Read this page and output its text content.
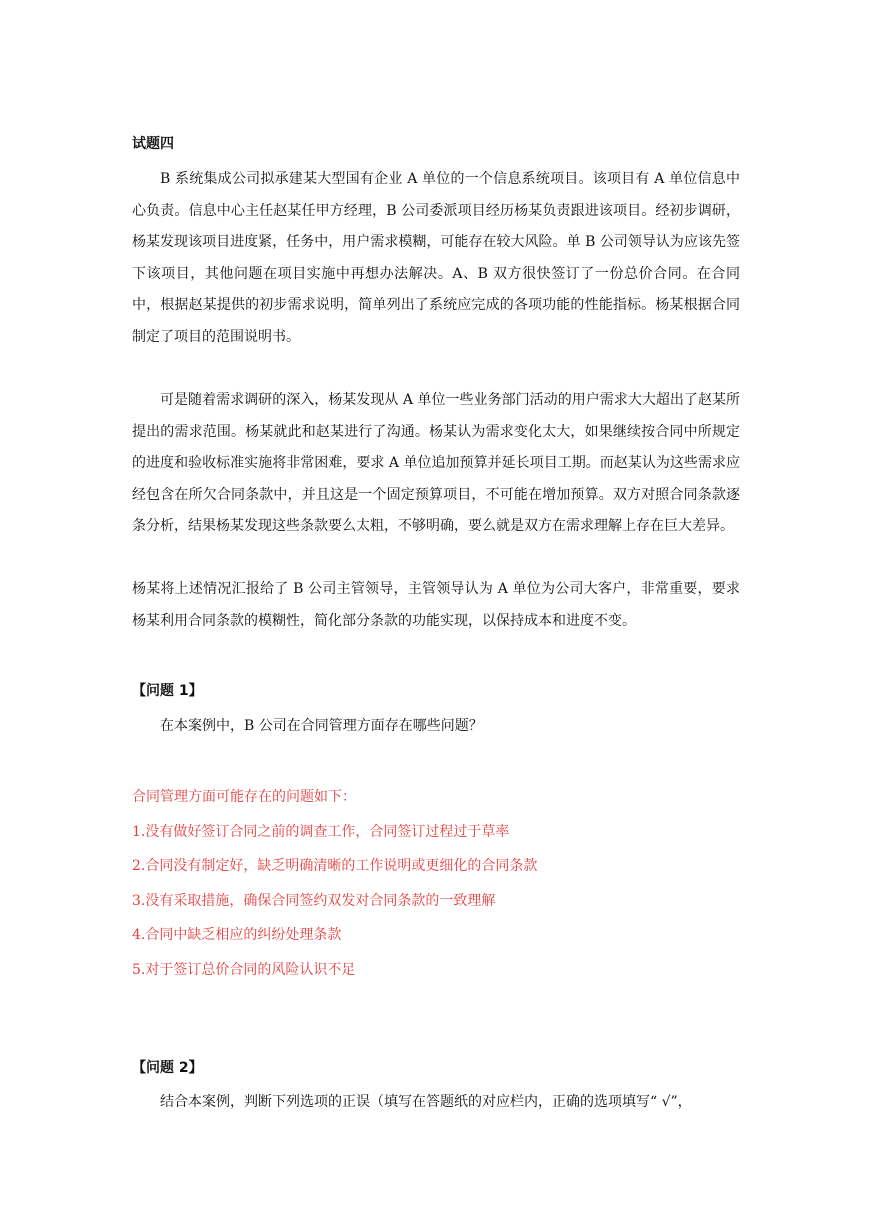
试题四
B 系统集成公司拟承建某大型国有企业 A 单位的一个信息系统项目。该项目有 A 单位信息中心负责。信息中心主任赵某任甲方经理，B 公司委派项目经历杨某负责跟进该项目。经初步调研，杨某发现该项目进度紧，任务中，用户需求模糊，可能存在较大风险。单 B 公司领导认为应该先签下该项目，其他问题在项目实施中再想办法解决。A、B 双方很快签订了一份总价合同。在合同中，根据赵某提供的初步需求说明，简单列出了系统应完成的各项功能的性能指标。杨某根据合同制定了项目的范围说明书。
可是随着需求调研的深入，杨某发现从 A 单位一些业务部门活动的用户需求大大超出了赵某所提出的需求范围。杨某就此和赵某进行了沟通。杨某认为需求变化太大，如果继续按合同中所规定的进度和验收标准实施将非常困难，要求 A 单位追加预算并延长项目工期。而赵某认为这些需求应经包含在所欠合同条款中，并且这是一个固定预算项目，不可能在增加预算。双方对照合同条款逐条分析，结果杨某发现这些条款要么太粗，不够明确，要么就是双方在需求理解上存在巨大差异。
杨某将上述情况汇报给了 B 公司主管领导，主管领导认为 A 单位为公司大客户，非常重要，要求杨某利用合同条款的模糊性，简化部分条款的功能实现，以保持成本和进度不变。
【问题 1】
在本案例中，B 公司在合同管理方面存在哪些问题？
合同管理方面可能存在的问题如下：
1.没有做好签订合同之前的调查工作，合同签订过程过于草率
2.合同没有制定好，缺乏明确清晰的工作说明或更细化的合同条款
3.没有采取措施，确保合同签约双发对合同条款的一致理解
4.合同中缺乏相应的纠纷处理条款
5.对于签订总价合同的风险认识不足
【问题 2】
结合本案例，判断下列选项的正误（填写在答题纸的对应栏内，正确的选项填写“ √”，
